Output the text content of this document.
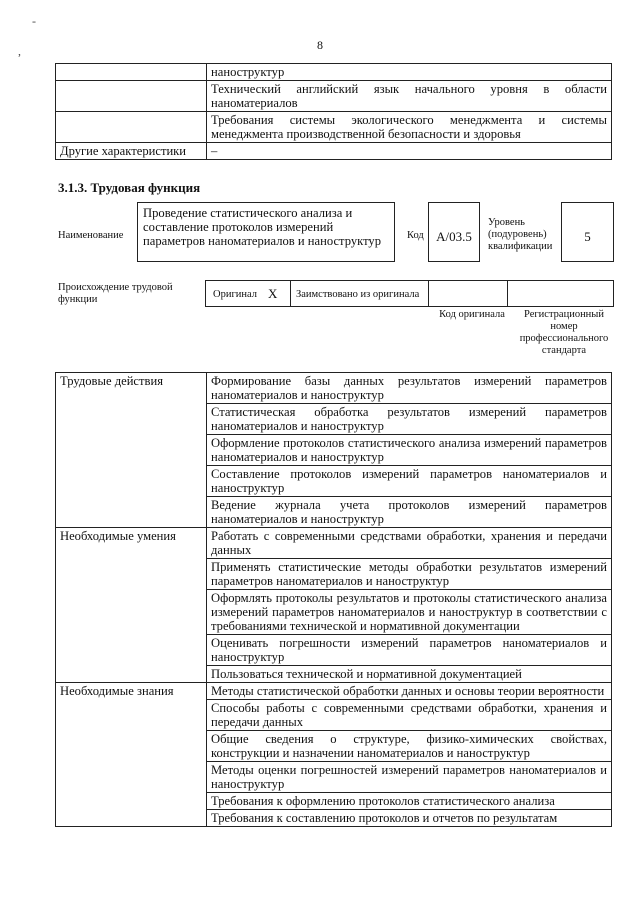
-
,	8
	наноструктур
	Технический английский язык начального уровня в области наноматериалов
	Требования системы экологического менеджмента и системы менеджмента производственной безопасности и здоровья
Другие характеристики	–
3.1.3. Трудовая функция
Наименование
Проведение статистического анализа и составление протоколов измерений параметров наноматериалов и наноструктур	Код A/03.5
Уровень (подуровень) квалификации
5
Происхождение трудовой функции	Оригинал X Заимствовано из оригинала
Код оригинала	Регистрационный номер профессионального стандарта
Трудовые действия	Формирование базы данных результатов измерений параметров наноматериалов и наноструктур
	Статистическая обработка результатов измерений параметров наноматериалов и наноструктур
	Оформление протоколов статистического анализа измерений параметров наноматериалов и наноструктур
	Составление протоколов измерений параметров наноматериалов и наноструктур
	Ведение журнала учета протоколов измерений параметров наноматериалов и наноструктур
Необходимые умения	Работать с современными средствами обработки, хранения и передачи данных
	Применять статистические методы обработки результатов измерений параметров наноматериалов и наноструктур
	Оформлять протоколы результатов и протоколы статистического анализа измерений параметров наноматериалов и наноструктур в соответствии с требованиями технической и нормативной документации
	Оценивать погрешности измерений параметров наноматериалов и наноструктур
	Пользоваться технической и нормативной документацией
Необходимые знания	Методы статистической обработки данных и основы теории вероятности
	Способы работы с современными средствами обработки, хранения и передачи данных
	Общие сведения о структуре, физико-химических свойствах, конструкции и назначении наноматериалов и наноструктур
	Методы оценки погрешностей измерений параметров наноматериалов и наноструктур
	Требования к оформлению протоколов статистического анализа
	Требования к составлению протоколов и отчетов по результатам
